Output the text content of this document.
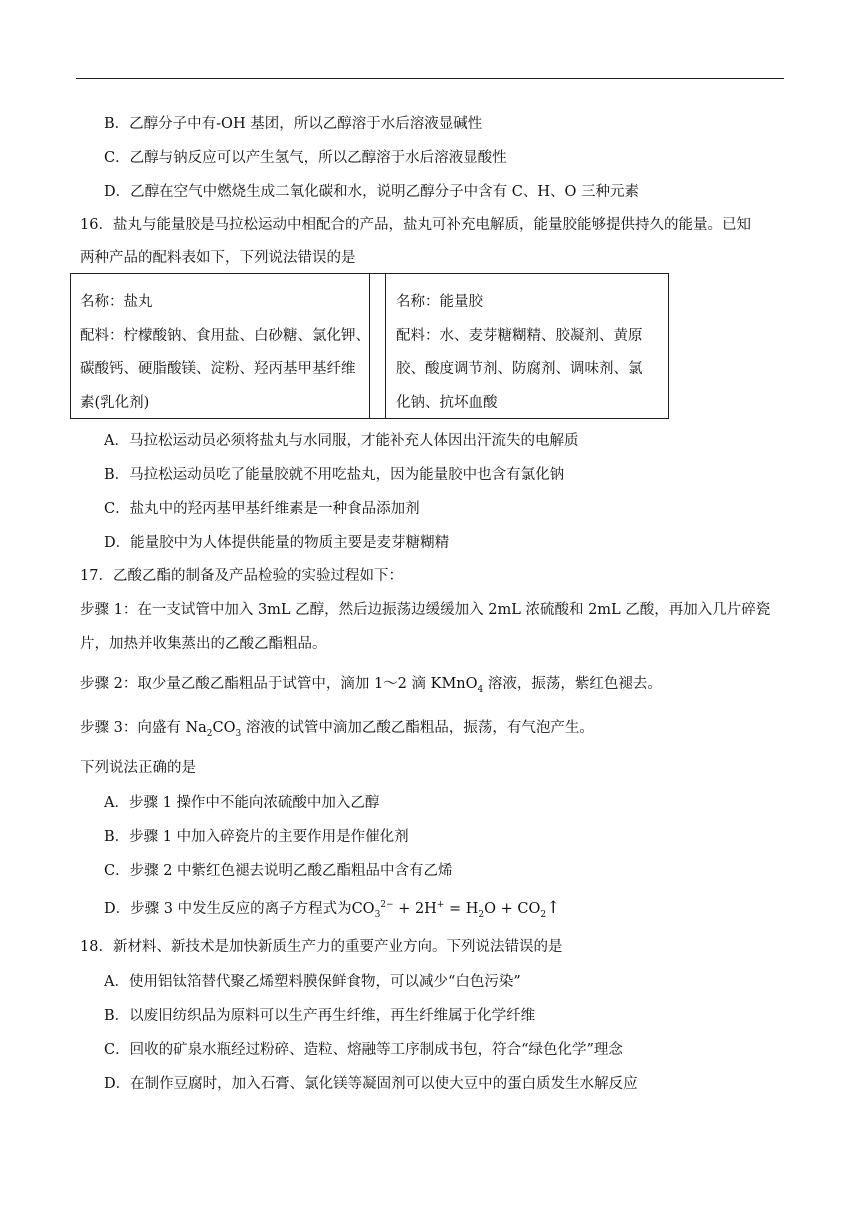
B．乙醇分子中有-OH 基团，所以乙醇溶于水后溶液显碱性
C．乙醇与钠反应可以产生氢气，所以乙醇溶于水后溶液显酸性
D．乙醇在空气中燃烧生成二氧化碳和水，说明乙醇分子中含有 C、H、O 三种元素
16．盐丸与能量胶是马拉松运动中相配合的产品，盐丸可补充电解质，能量胶能够提供持久的能量。已知
两种产品的配料表如下，下列说法错误的是
名称：盐丸
配料：柠檬酸钠、食用盐、白砂糖、氯化钾、
碳酸钙、硬脂酸镁、淀粉、羟丙基甲基纤维
素(乳化剂)
名称：能量胶
配料：水、麦芽糖糊精、胶凝剂、黄原
胶、酸度调节剂、防腐剂、调味剂、氯
化钠、抗坏血酸
A．马拉松运动员必须将盐丸与水同服，才能补充人体因出汗流失的电解质
B．马拉松运动员吃了能量胶就不用吃盐丸，因为能量胶中也含有氯化钠
C．盐丸中的羟丙基甲基纤维素是一种食品添加剂
D．能量胶中为人体提供能量的物质主要是麦芽糖糊精
17．乙酸乙酯的制备及产品检验的实验过程如下：
步骤 1：在一支试管中加入 3mL 乙醇，然后边振荡边缓缓加入 2mL 浓硫酸和 2mL 乙酸，再加入几片碎瓷
片，加热并收集蒸出的乙酸乙酯粗品。
步骤 2：取少量乙酸乙酯粗品于试管中，滴加 1～2 滴 KMnO$_4$ 溶液，振荡，紫红色褪去。
步骤 3：向盛有 $Na_2CO_3$ 溶液的试管中滴加乙酸乙酯粗品，振荡，有气泡产生。
下列说法正确的是
A．步骤 1 操作中不能向浓硫酸中加入乙醇
B．步骤 1 中加入碎瓷片的主要作用是作催化剂
C．步骤 2 中紫红色褪去说明乙酸乙酯粗品中含有乙烯
D．步骤 3 中发生反应的离子方程式为$CO_3^{2-} + 2H^+ = H_2O$ + $CO_2↑$
18．新材料、新技术是加快新质生产力的重要产业方向。下列说法错误的是
A．使用铝钛箔替代聚乙烯塑料膜保鲜食物，可以减少“白色污染”
B．以废旧纺织品为原料可以生产再生纤维，再生纤维属于化学纤维
C．回收的矿泉水瓶经过粉碎、造粒、熔融等工序制成书包，符合“绿色化学”理念
D．在制作豆腐时，加入石膏、氯化镁等凝固剂可以使大豆中的蛋白质发生水解反应
